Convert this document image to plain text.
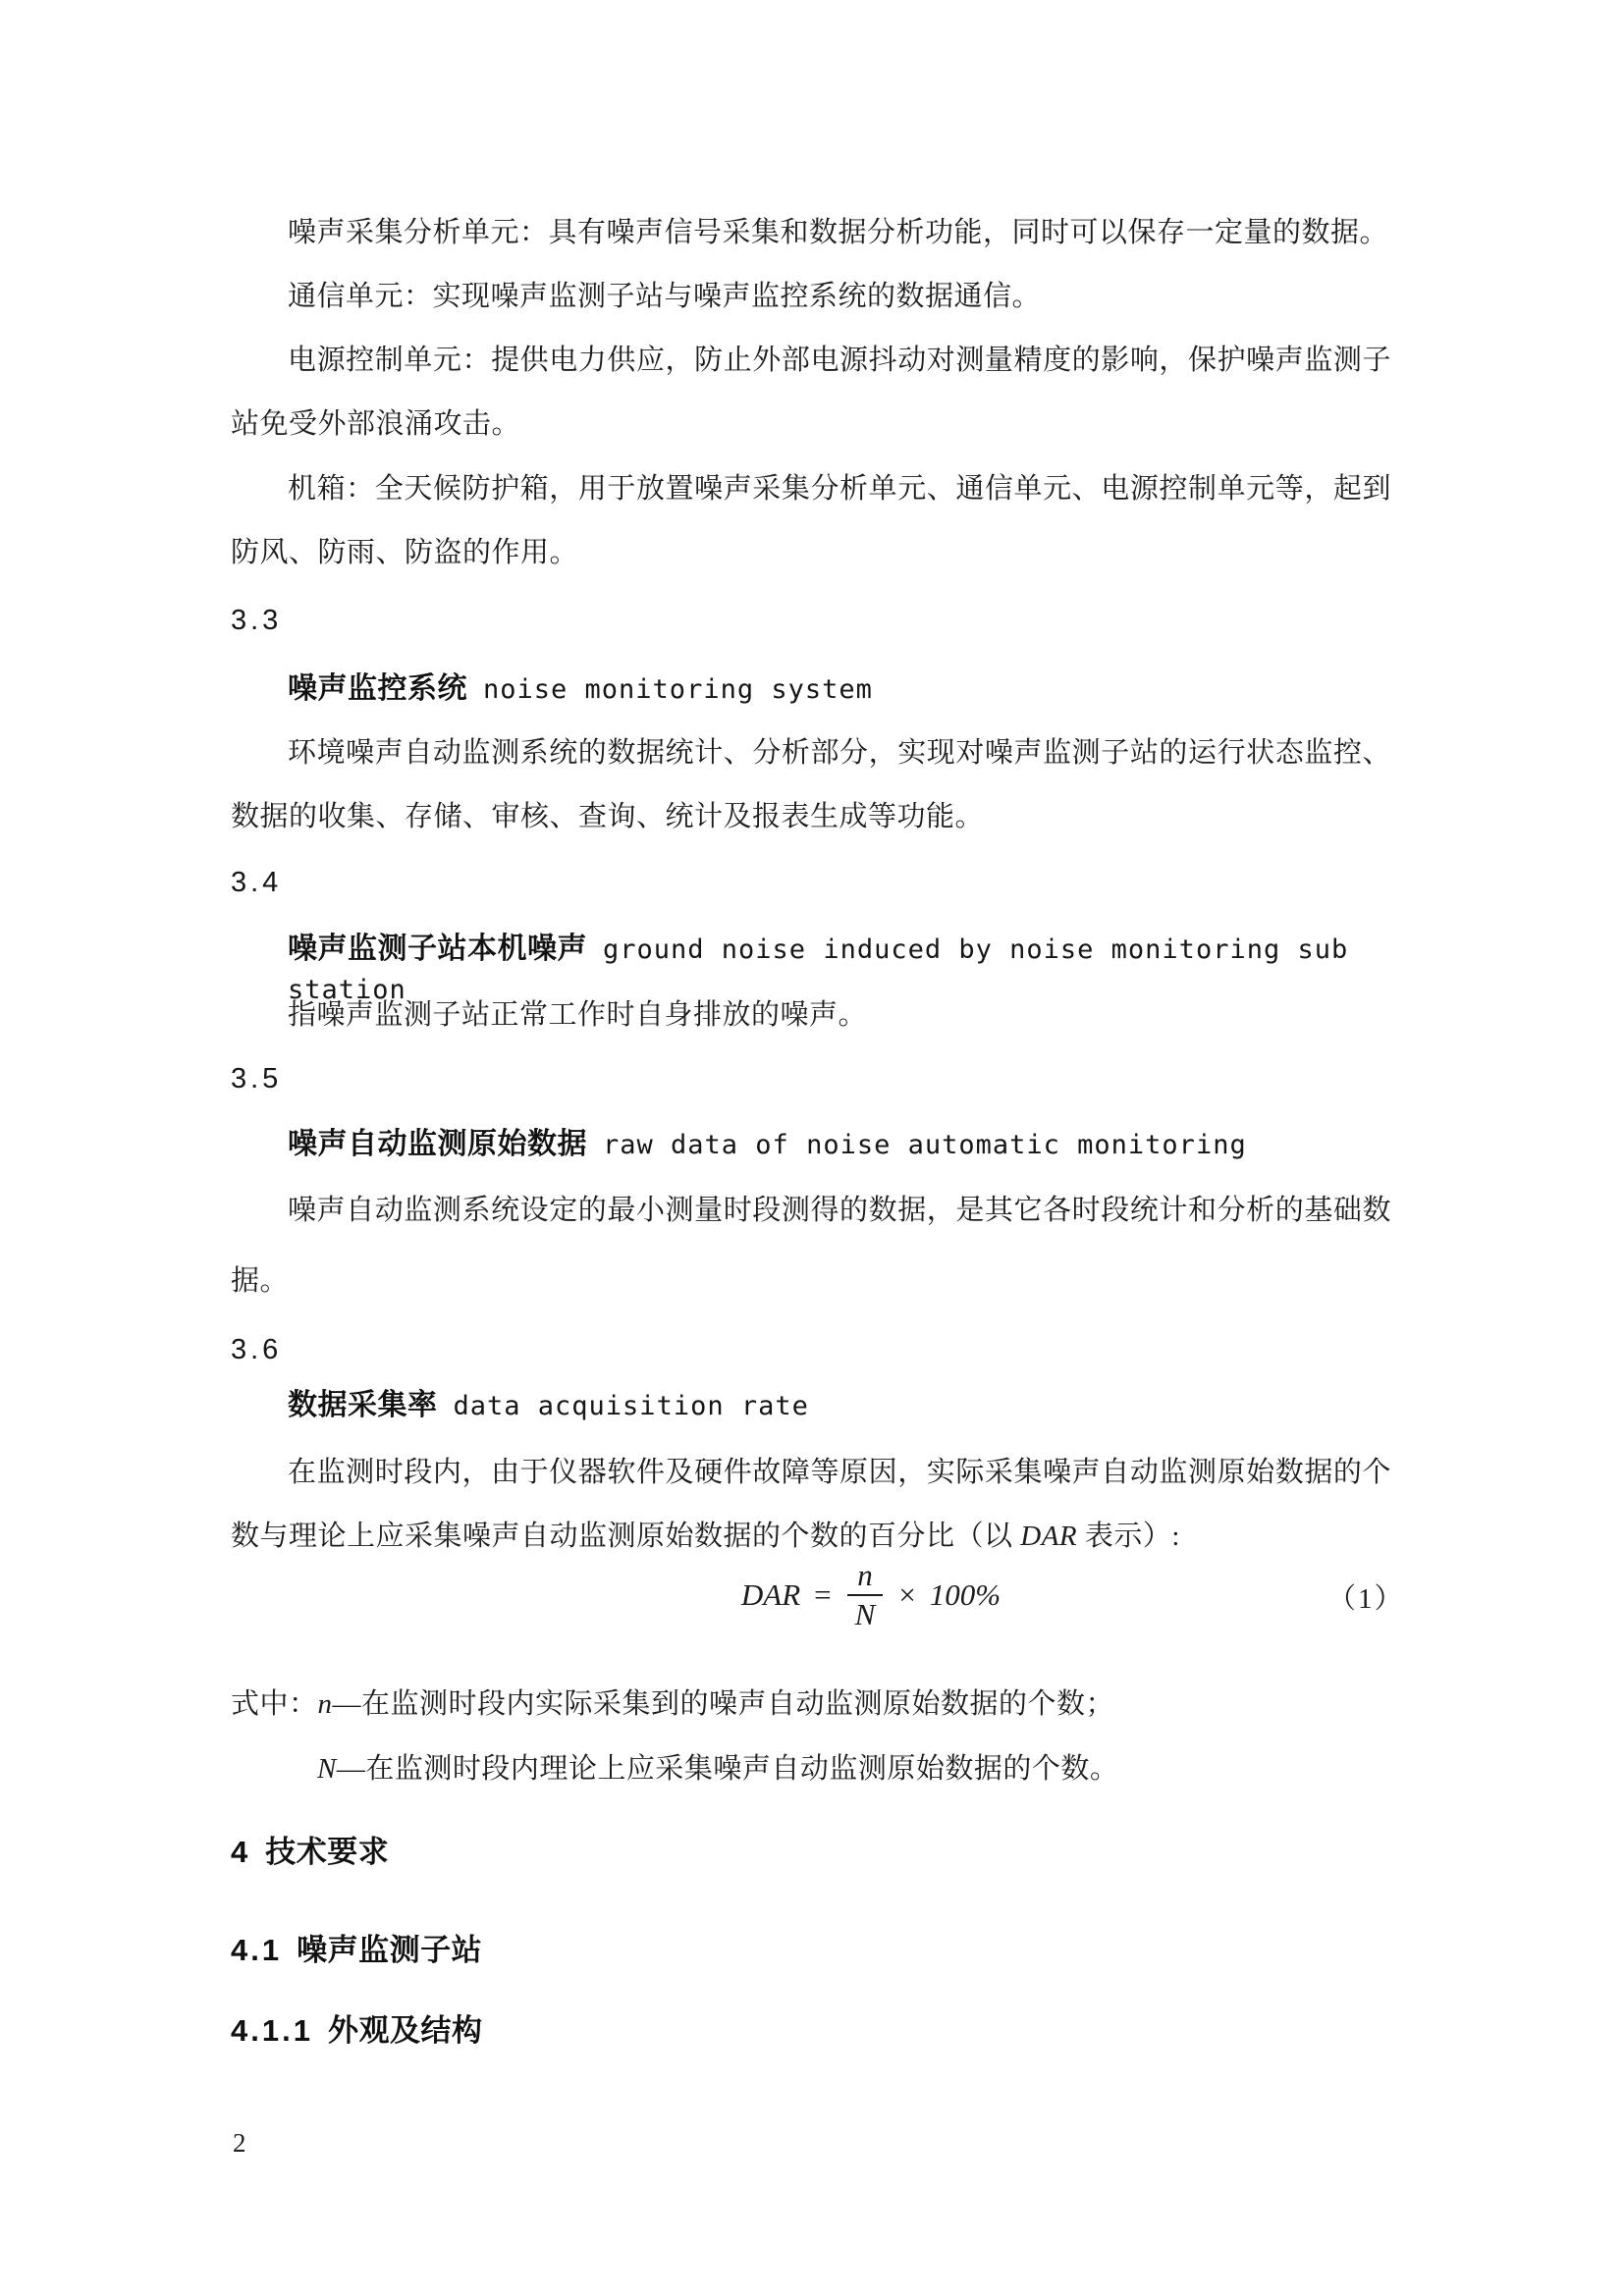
噪声采集分析单元：具有噪声信号采集和数据分析功能，同时可以保存一定量的数据。
通信单元：实现噪声监测子站与噪声监控系统的数据通信。
电源控制单元：提供电力供应，防止外部电源抖动对测量精度的影响，保护噪声监测子
站免受外部浪涌攻击。
机箱：全天候防护箱，用于放置噪声采集分析单元、通信单元、电源控制单元等，起到
防风、防雨、防盗的作用。
3.3
噪声监控系统 noise monitoring system
环境噪声自动监测系统的数据统计、分析部分，实现对噪声监测子站的运行状态监控、
数据的收集、存储、审核、查询、统计及报表生成等功能。
3.4
噪声监测子站本机噪声 ground noise induced by noise monitoring sub station
指噪声监测子站正常工作时自身排放的噪声。
3.5
噪声自动监测原始数据 raw data of noise automatic monitoring
噪声自动监测系统设定的最小测量时段测得的数据，是其它各时段统计和分析的基础数
据。
3.6
数据采集率 data acquisition rate
在监测时段内，由于仪器软件及硬件故障等原因，实际采集噪声自动监测原始数据的个
数与理论上应采集噪声自动监测原始数据的个数的百分比（以 DAR 表示）:
DAR = $\frac{n}{N} \times 100\%$	（1）
式中：n—在监测时段内实际采集到的噪声自动监测原始数据的个数；
N—在监测时段内理论上应采集噪声自动监测原始数据的个数。
4 技术要求
4.1 噪声监测子站
4.1.1 外观及结构
2
